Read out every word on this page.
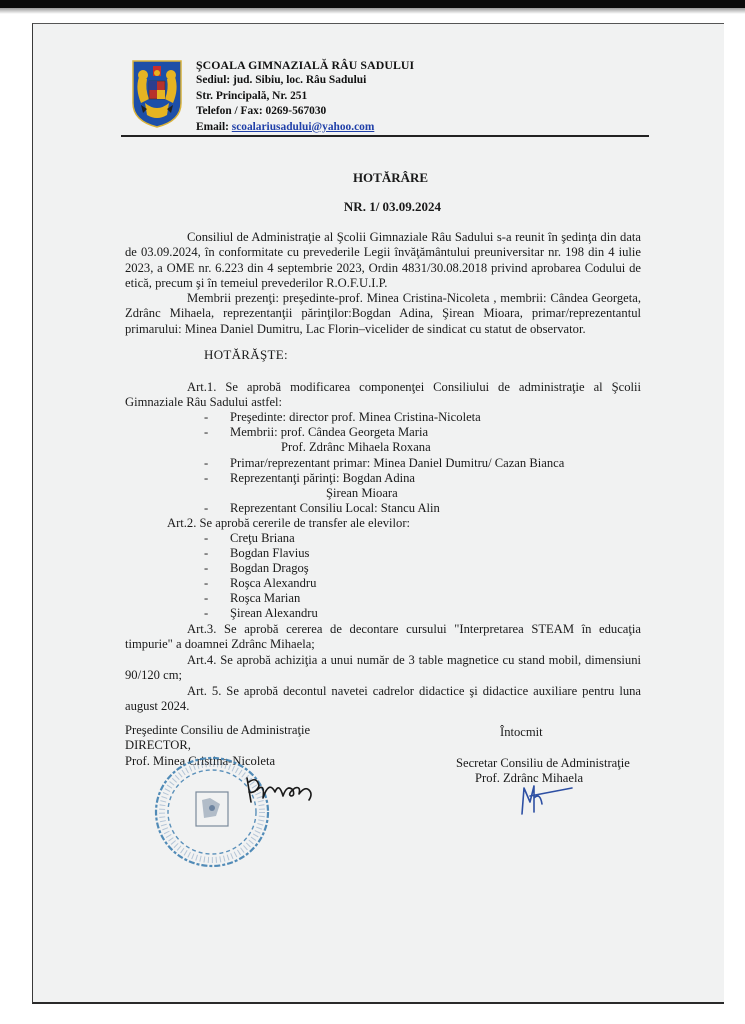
ŞCOALA GIMNAZIALĂ RÂU SADULUI
Sediul: jud. Sibiu, loc. Râu Sadului
Str. Principală, Nr. 251
Telefon / Fax: 0269-567030
Email: scoalariusadului@yahoo.com
HOTĂRÂRE
NR. 1/ 03.09.2024
Consiliul de Administraţie al Şcolii Gimnaziale Râu Sadului s-a reunit în şedinţa din data de 03.09.2024, în conformitate cu prevederile Legii învăţământului preuniversitar nr. 198 din 4 iulie 2023, a OME nr. 6.223 din 4 septembrie 2023, Ordin 4831/30.08.2018 privind aprobarea Codului de etică, precum şi în temeiul prevederilor R.O.F.U.I.P.
Membrii prezenţi: preşedinte-prof. Minea Cristina-Nicoleta , membrii: Cândea Georgeta, Zdrânc Mihaela, reprezentanţii părinţilor:Bogdan Adina, Şirean Mioara, primar/reprezentantul primarului: Minea Daniel Dumitru, Lac Florin–vicelider de sindicat cu statut de observator.
HOTĂRĂŞTE:
Art.1. Se aprobă modificarea componenţei Consiliului de administraţie al Şcolii Gimnaziale Râu Sadului astfel:
- Preşedinte: director prof. Minea Cristina-Nicoleta
- Membrii: prof. Cândea Georgeta Maria
Prof. Zdrânc Mihaela Roxana
- Primar/reprezentant primar: Minea Daniel Dumitru/ Cazan Bianca
- Reprezentanţi părinţi: Bogdan Adina
Şirean Mioara
- Reprezentant Consiliu Local: Stancu Alin
Art.2. Se aprobă cererile de transfer ale elevilor:
- Creţu Briana
- Bogdan Flavius
- Bogdan Dragoş
- Roşca Alexandru
- Roşca Marian
- Şirean Alexandru
Art.3. Se aprobă cererea de decontare cursului "Interpretarea STEAM în educaţia timpurie" a doamnei Zdrânc Mihaela;
Art.4. Se aprobă achiziţia a unui număr de 3 table magnetice cu stand mobil, dimensiuni 90/120 cm;
Art. 5. Se aprobă decontul navetei cadrelor didactice şi didactice auxiliare pentru luna august 2024.
Preşedinte Consiliu de Administraţie
DIRECTOR,
Prof. Minea Cristina-Nicoleta
Întocmit
Secretar Consiliu de Administraţie
Prof. Zdrânc Mihaela
